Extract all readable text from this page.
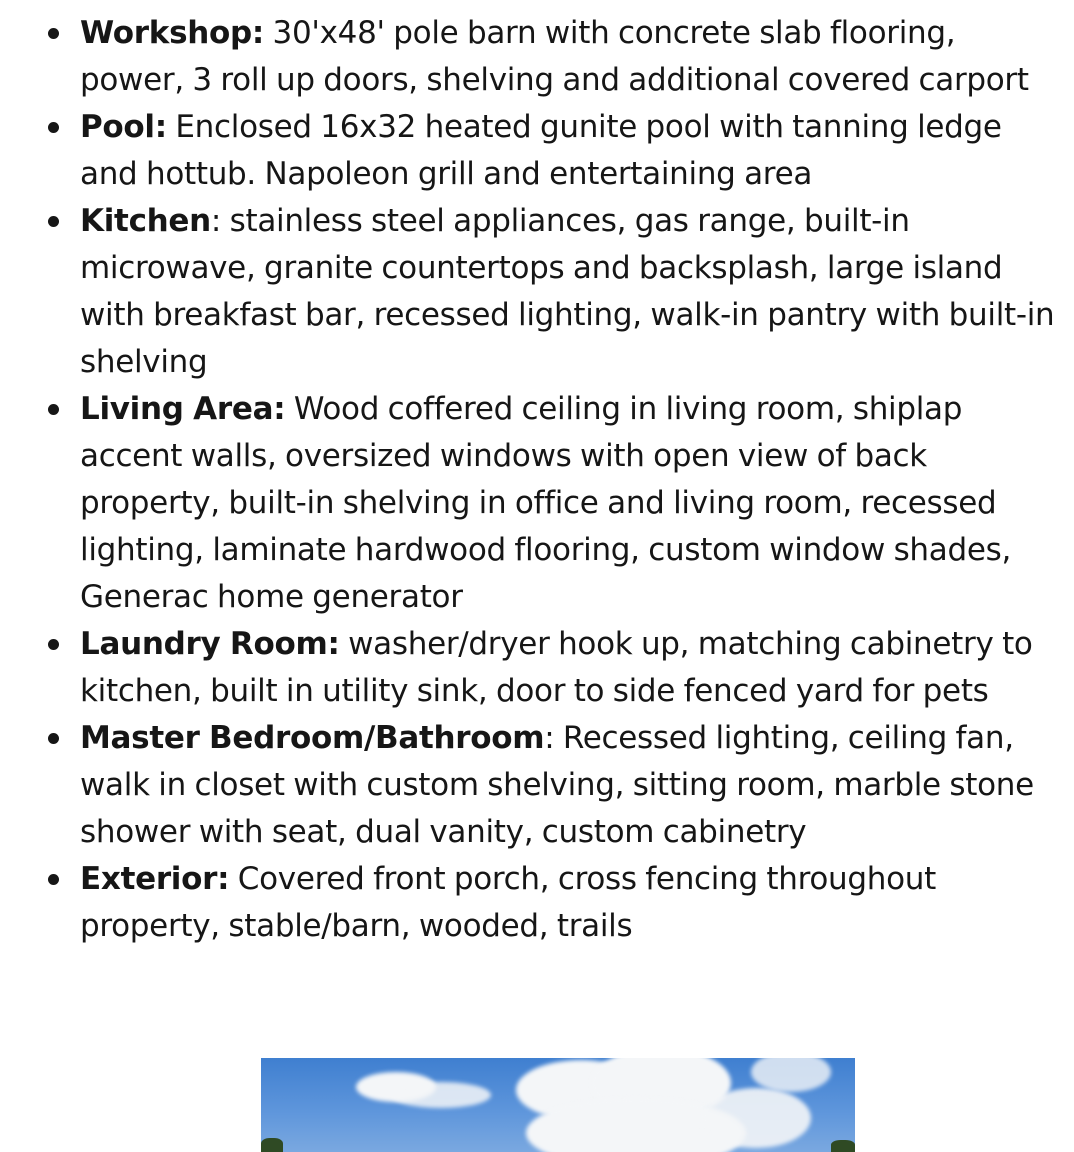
Workshop: 30'x48' pole barn with concrete slab flooring, power, 3 roll up doors, shelving and additional covered carport
Pool: Enclosed 16x32 heated gunite pool with tanning ledge and hottub. Napoleon grill and entertaining area
Kitchen: stainless steel appliances, gas range, built-in microwave, granite countertops and backsplash, large island with breakfast bar, recessed lighting, walk-in pantry with built-in shelving
Living Area: Wood coffered ceiling in living room, shiplap accent walls, oversized windows with open view of back property, built-in shelving in office and living room, recessed lighting, laminate hardwood flooring, custom window shades, Generac home generator
Laundry Room: washer/dryer hook up, matching cabinetry to kitchen, built in utility sink, door to side fenced yard for pets
Master Bedroom/Bathroom: Recessed lighting, ceiling fan, walk in closet with custom shelving, sitting room, marble stone shower with seat, dual vanity, custom cabinetry
Exterior: Covered front porch, cross fencing throughout property, stable/barn, wooded, trails
